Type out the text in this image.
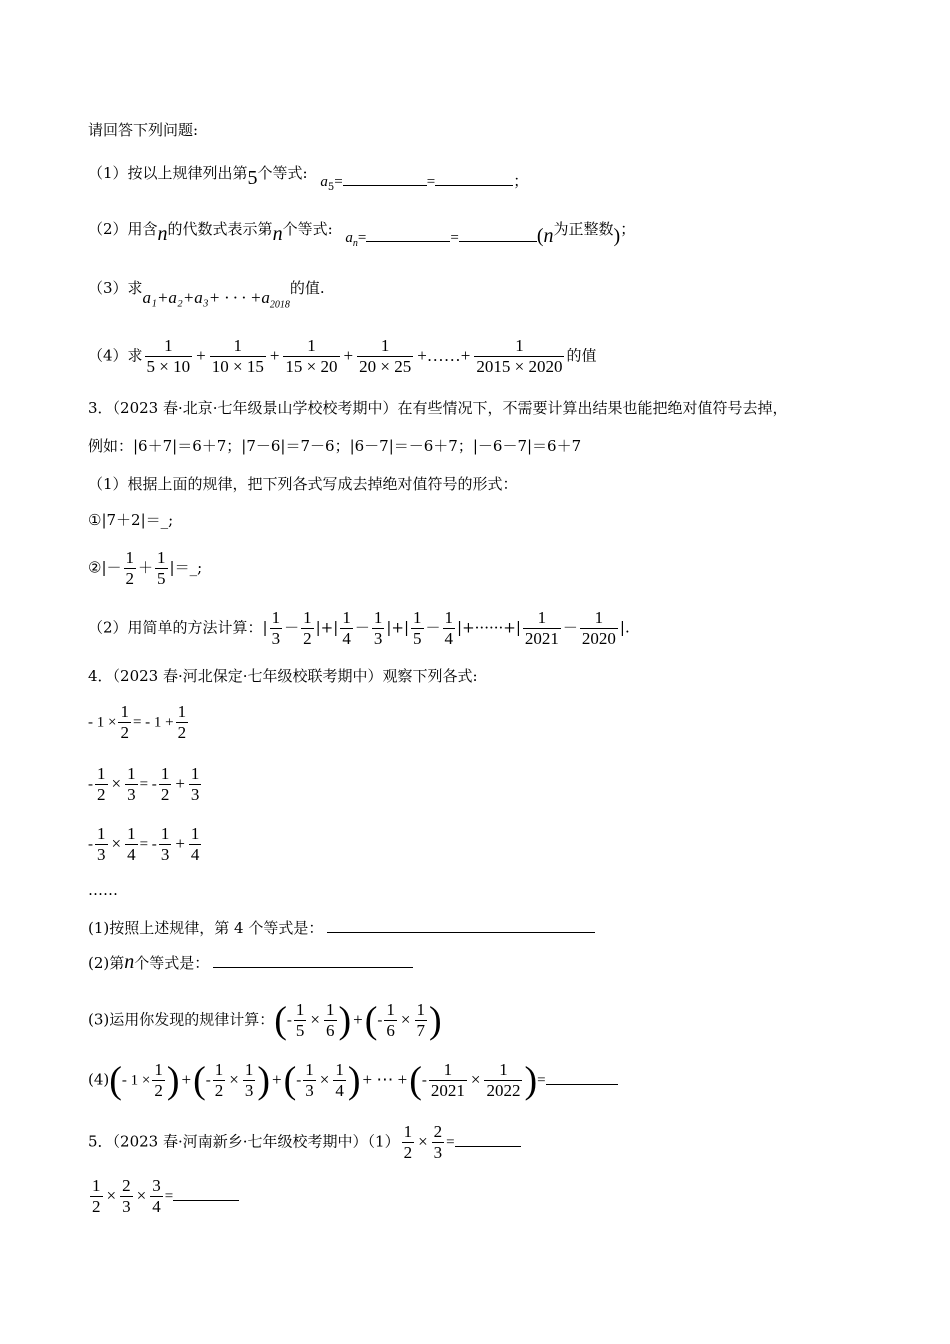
请回答下列问题:
（1）按以上规律列出第5个等式: $a_5=$	=	；
（2）用含n的代数式表示第n个等式: $a_n=$	=	(n为正整数)；
（3）求a₁+a₂+a₃+ · · · $+a_{2018}$的值.
（4）求 $\frac{1}{5 \times 10} + \frac{1}{10 \times 15} + \frac{1}{15 \times 20} + \frac{1}{20 \times 25}$ +……+ $\frac{1}{2015 \times 2020}$ 的值
3．（2023 春·北京·七年级景山学校校考期中）在有些情况下，不需要计算出结果也能把绝对值符号去掉，
例如：|6＋7|＝6＋7；|7－6|＝7－6；|6－7|＝－6＋7；|－6－7|＝6＋7
（1）根据上面的规律，把下列各式写成去掉绝对值符号的形式：
①|7＋2|＝_;
②|－ $\frac{1}{2} + \frac{1}{5}$ |＝_;
（2）用简单的方法计算：| $\frac{1}{3} - \frac{1}{2}$ |+| $\frac{1}{4} - \frac{1}{3}$ |+| $\frac{1}{5} - \frac{1}{4}$ |+······+| $\frac{1}{2021} - \frac{1}{2020}$ |.
4．（2023 春·河北保定·七年级校联考期中）观察下列各式:
- $1 \times \frac{1}{2}$ = - $1 + \frac{1}{2}$
- $\frac{1}{2} \times \frac{1}{3}$ = - $\frac{1}{2} + \frac{1}{3}$
- $\frac{1}{3} \times \frac{1}{4}$ = - $\frac{1}{3} + \frac{1}{4}$
……
(1)按照上述规律，第 4 个等式是：
(2)第n个等式是：
(3)运用你发现的规律计算：(- $\frac{1}{5} \times \frac{1}{6}$ ) +(- $\frac{1}{6} \times \frac{1}{7}$ )
(4)(- $1 \times \frac{1}{2}$ ) +(- $\frac{1}{2} \times \frac{1}{3}$ ) +(- $\frac{1}{3} \times \frac{1}{4}$ ) + ⋯ +(- $\frac{1}{2021} \times \frac{1}{2022}$ )=
5．（2023 春·河南新乡·七年级校考期中）$(1) \frac{1}{2} \times \frac{2}{3}$ =
$\frac{1}{2} \times \frac{2}{3} \times \frac{3}{4}$ =
